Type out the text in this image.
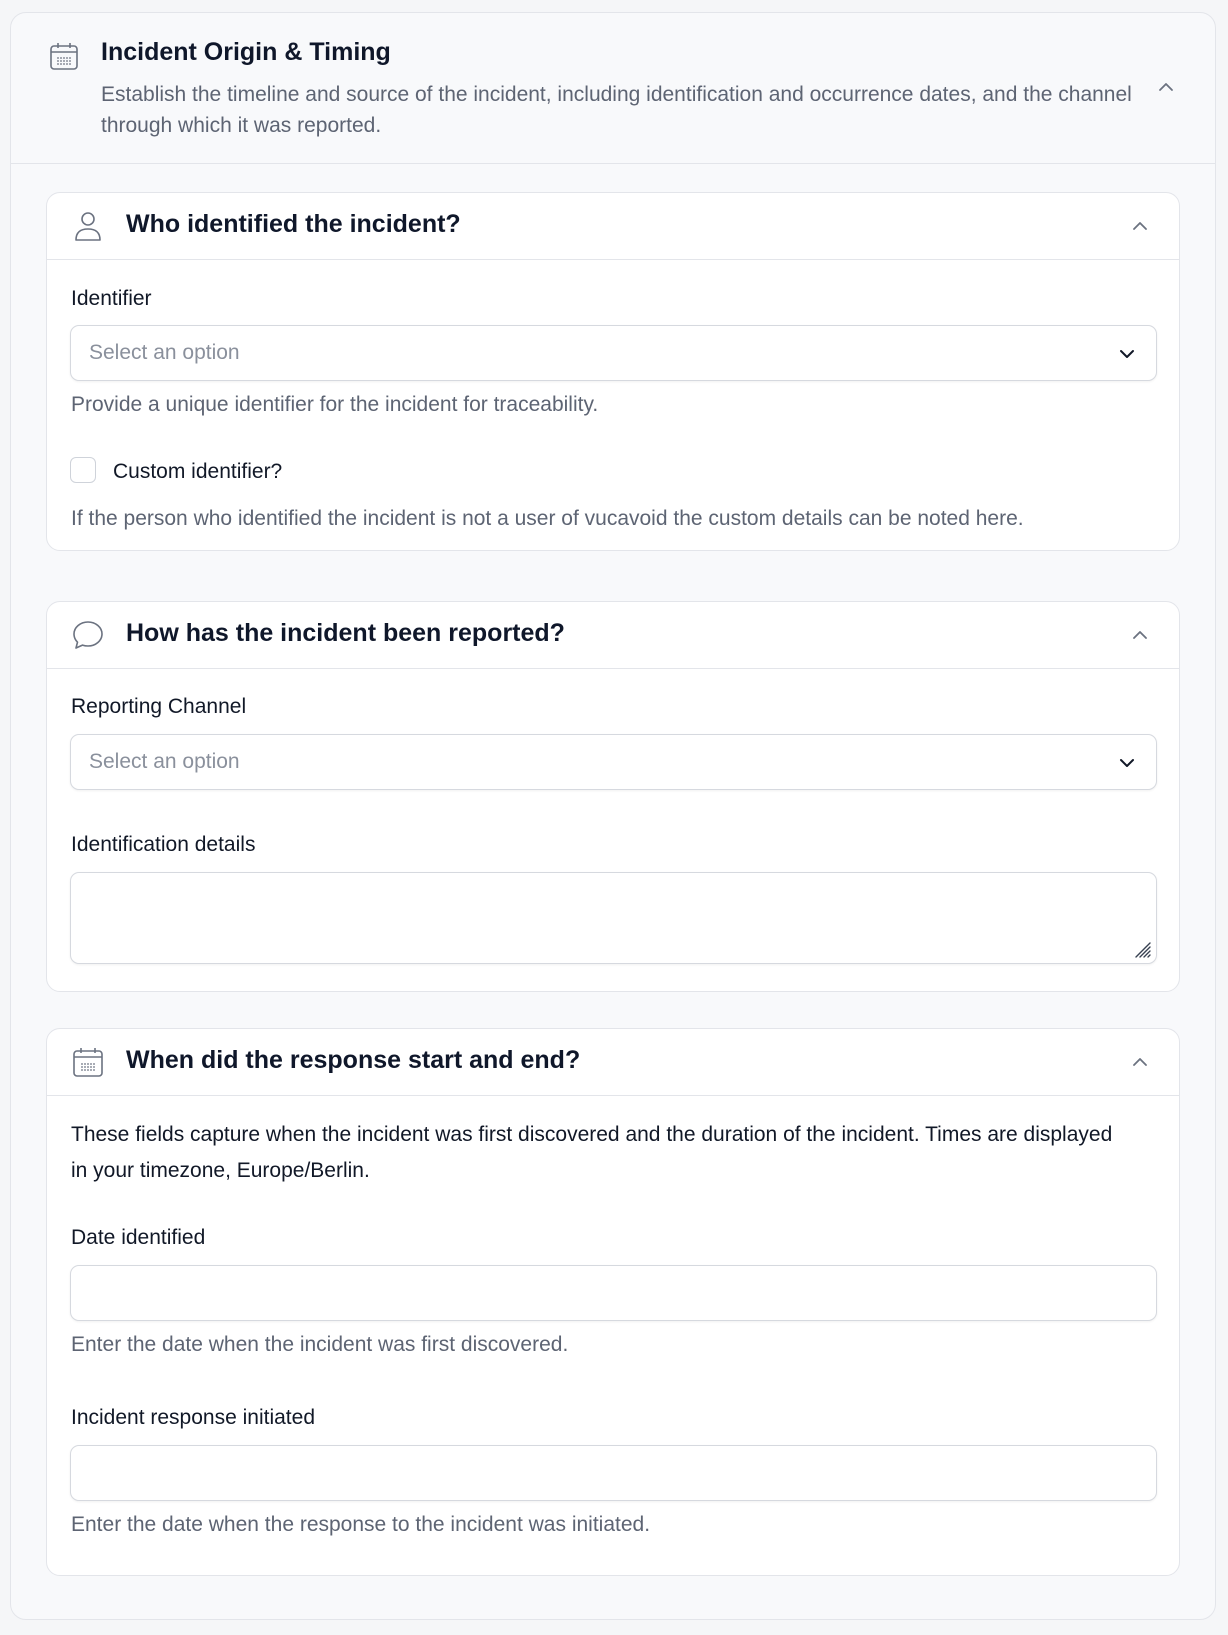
Incident Origin & Timing
Establish the timeline and source of the incident, including identification and occurrence dates, and the channel through which it was reported.
Who identified the incident?
Identifier
Select an option
Provide a unique identifier for the incident for traceability.
Custom identifier?
If the person who identified the incident is not a user of vucavoid the custom details can be noted here.
How has the incident been reported?
Reporting Channel
Select an option
Identification details
When did the response start and end?
These fields capture when the incident was first discovered and the duration of the incident. Times are displayed in your timezone, Europe/Berlin.
Date identified
Enter the date when the incident was first discovered.
Incident response initiated
Enter the date when the response to the incident was initiated.
